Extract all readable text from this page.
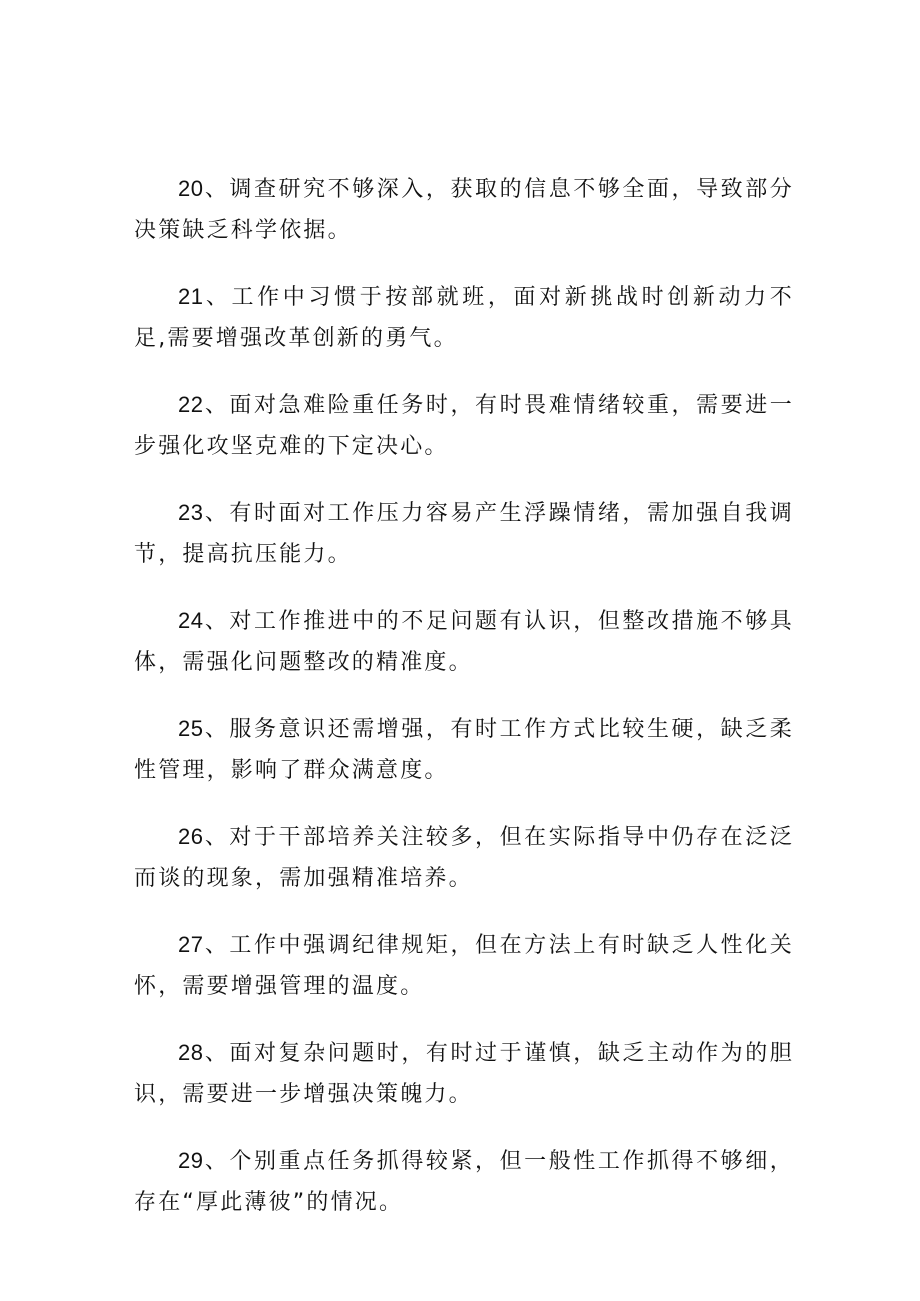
20、调查研究不够深入，获取的信息不够全面，导致部分决策缺乏科学依据。

21、工作中习惯于按部就班，面对新挑战时创新动力不足,需要增强改革创新的勇气。

22、面对急难险重任务时，有时畏难情绪较重，需要进一步强化攻坚克难的下定决心。

23、有时面对工作压力容易产生浮躁情绪，需加强自我调节，提高抗压能力。

24、对工作推进中的不足问题有认识，但整改措施不够具体，需强化问题整改的精准度。

25、服务意识还需增强，有时工作方式比较生硬，缺乏柔性管理，影响了群众满意度。

26、对于干部培养关注较多，但在实际指导中仍存在泛泛而谈的现象，需加强精准培养。

27、工作中强调纪律规矩，但在方法上有时缺乏人性化关怀，需要增强管理的温度。

28、面对复杂问题时，有时过于谨慎，缺乏主动作为的胆识，需要进一步增强决策魄力。

29、个别重点任务抓得较紧，但一般性工作抓得不够细，存在“厚此薄彼”的情况。
